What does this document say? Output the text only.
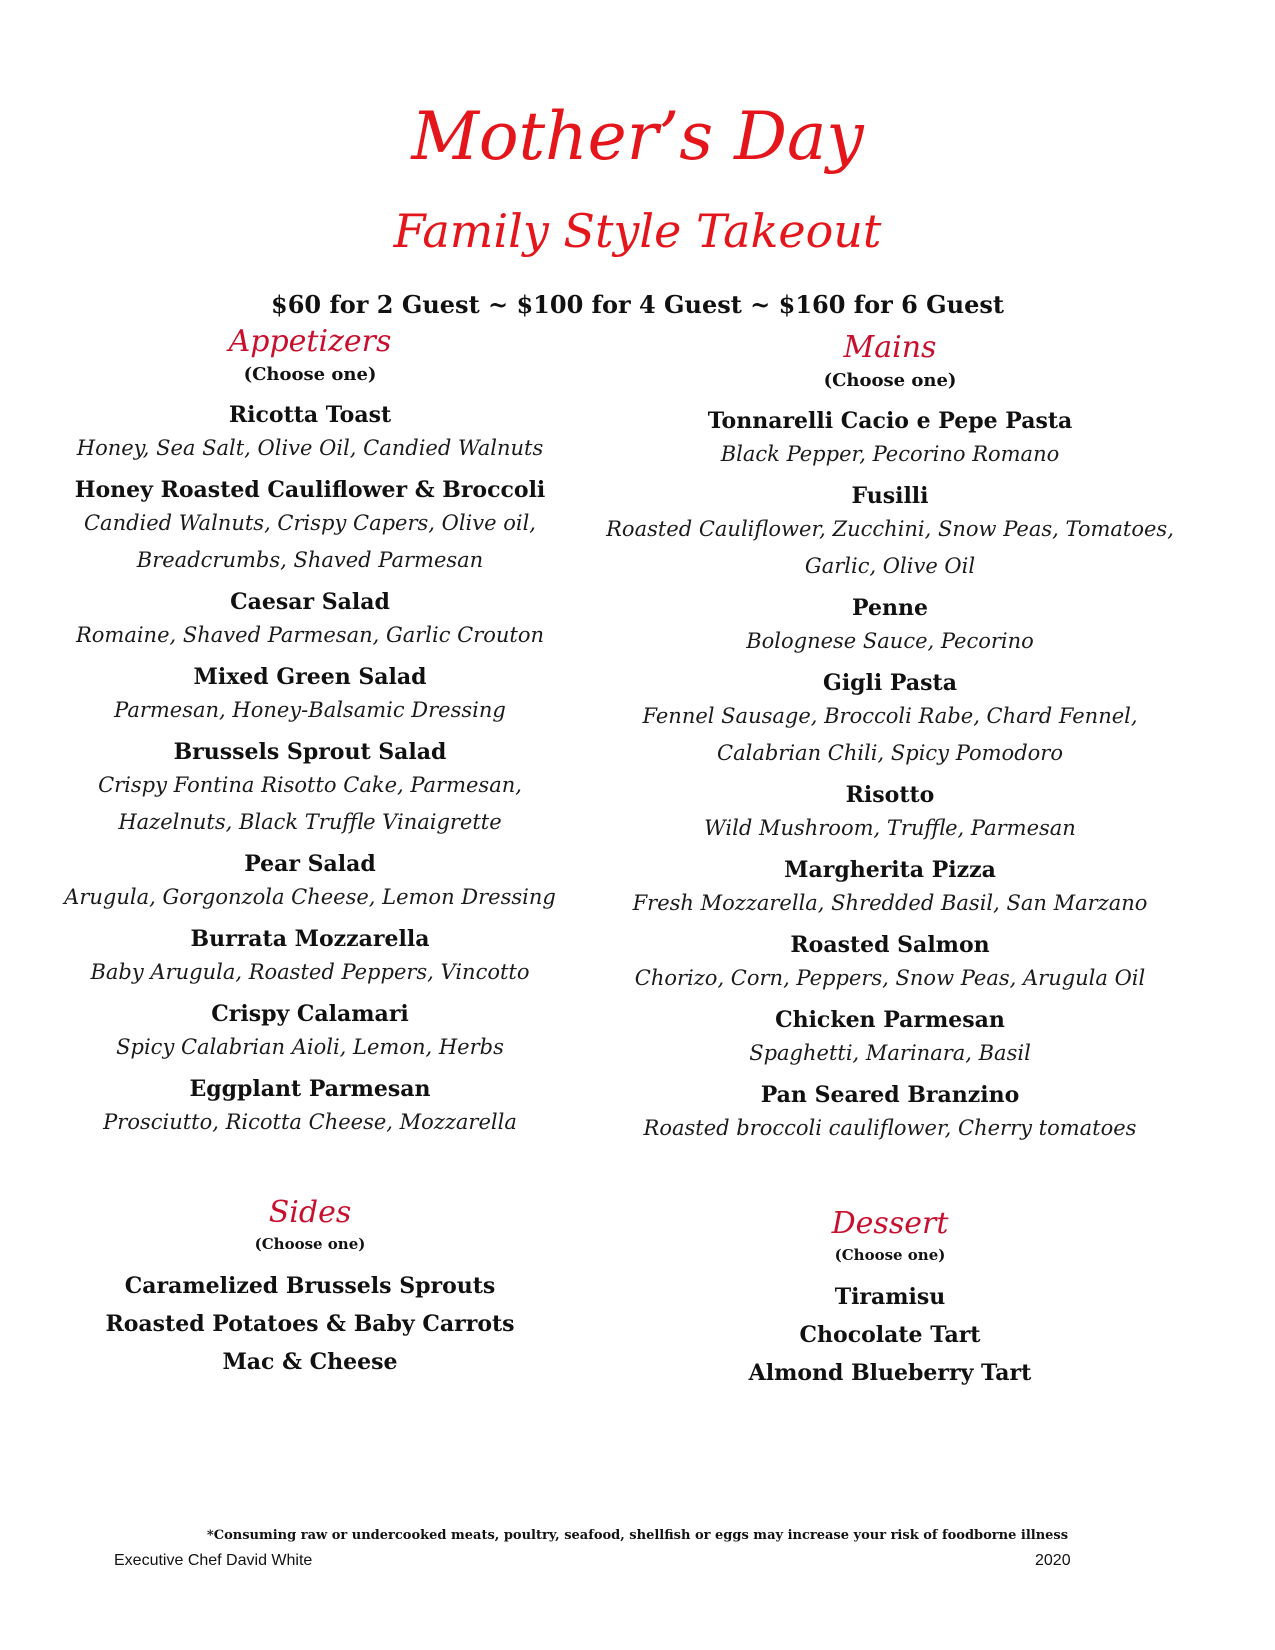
Mother’s Day
Family Style Takeout
$60 for 2 Guest ~ $100 for 4 Guest ~ $160 for 6 Guest
Appetizers
(Choose one)
Ricotta Toast
Honey, Sea Salt, Olive Oil, Candied Walnuts
Honey Roasted Cauliflower & Broccoli
Candied Walnuts, Crispy Capers, Olive oil,
Breadcrumbs, Shaved Parmesan
Caesar Salad
Romaine, Shaved Parmesan, Garlic Crouton
Mixed Green Salad
Parmesan, Honey-Balsamic Dressing
Brussels Sprout Salad
Crispy Fontina Risotto Cake, Parmesan,
Hazelnuts, Black Truffle Vinaigrette
Pear Salad
Arugula, Gorgonzola Cheese, Lemon Dressing
Burrata Mozzarella
Baby Arugula, Roasted Peppers, Vincotto
Crispy Calamari
Spicy Calabrian Aioli, Lemon, Herbs
Eggplant Parmesan
Prosciutto, Ricotta Cheese, Mozzarella
Mains
(Choose one)
Tonnarelli Cacio e Pepe Pasta
Black Pepper, Pecorino Romano
Fusilli
Roasted Cauliflower, Zucchini, Snow Peas, Tomatoes,
Garlic, Olive Oil
Penne
Bolognese Sauce, Pecorino
Gigli Pasta
Fennel Sausage, Broccoli Rabe, Chard Fennel,
Calabrian Chili, Spicy Pomodoro
Risotto
Wild Mushroom, Truffle, Parmesan
Margherita Pizza
Fresh Mozzarella, Shredded Basil, San Marzano
Roasted Salmon
Chorizo, Corn, Peppers, Snow Peas, Arugula Oil
Chicken Parmesan
Spaghetti, Marinara, Basil
Pan Seared Branzino
Roasted broccoli cauliflower, Cherry tomatoes
Sides
(Choose one)
Caramelized Brussels Sprouts
Roasted Potatoes & Baby Carrots
Mac & Cheese
Dessert
(Choose one)
Tiramisu
Chocolate Tart
Almond Blueberry Tart
*Consuming raw or undercooked meats, poultry, seafood, shellfish or eggs may increase your risk of foodborne illness
Executive Chef David White	2020
